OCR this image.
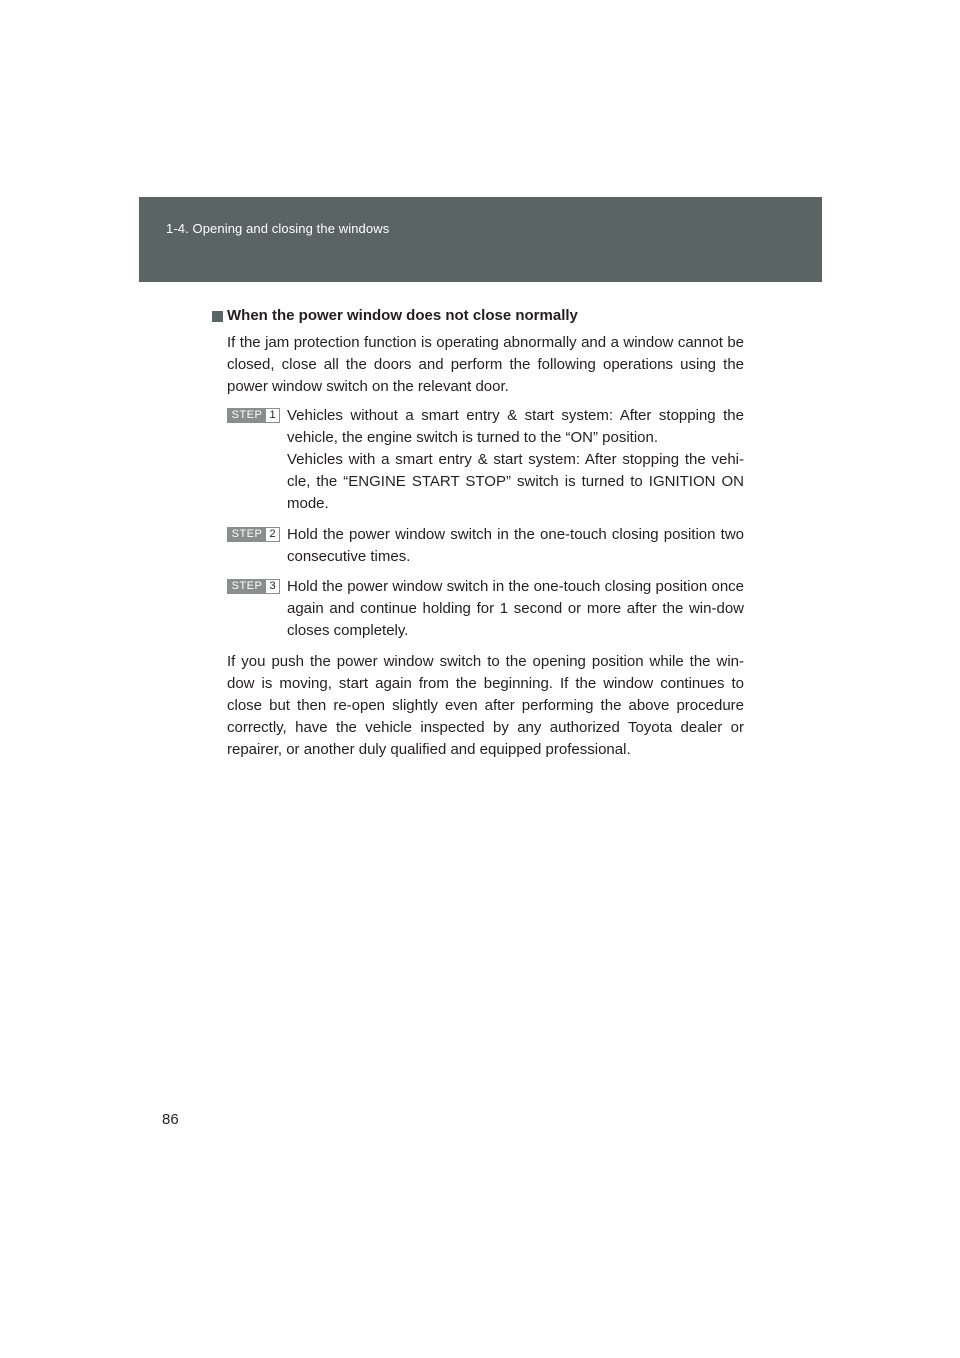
1-4. Opening and closing the windows
When the power window does not close normally

If the jam protection function is operating abnormally and a window cannot be closed, close all the doors and perform the following operations using the power window switch on the relevant door.

STEP 1 Vehicles without a smart entry & start system: After stopping the vehicle, the engine switch is turned to the “ON” position.

Vehicles with a smart entry & start system: After stopping the vehi-cle, the “ENGINE START STOP” switch is turned to IGNITION ON mode.

STEP 2 Hold the power window switch in the one-touch closing position two consecutive times.

STEP 3 Hold the power window switch in the one-touch closing position once again and continue holding for 1 second or more after the win-dow closes completely.

If you push the power window switch to the opening position while the win-dow is moving, start again from the beginning. If the window continues to close but then re-open slightly even after performing the above procedure correctly, have the vehicle inspected by any authorized Toyota dealer or repairer, or another duly qualified and equipped professional.

86
